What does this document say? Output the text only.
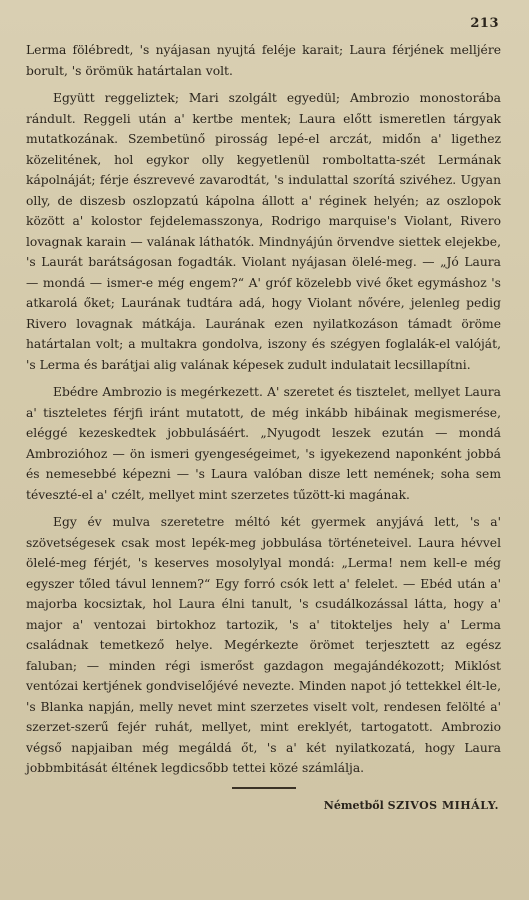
213

Lerma fölébredt, 's nyájasan nyujtá feléje karait; Laura férjének melljére borult, 's örömük határtalan volt.

Együtt reggeliztek; Mari szolgált egyedül; Ambrozio monostorába rándult. Reggeli után a' kertbe mentek; Laura előtt ismeretlen tárgyak mutatkozának. Szembetünő pirosság lepé-el arczát, midőn a' ligethez közelitének, hol egykor olly kegyetlenül romboltatta-szét Lermának kápolnáját; férje észrevevé zavarodtát, 's indulattal szorítá szivéhez. Ugyan olly, de diszesb oszlopzatú kápolna állott a' réginek helyén; az oszlopok között a' kolostor fejdelemasszonya, Rodrigo marquise's Violant, Rivero lovagnak karain — valának láthatók. Mindnyájún örvendve siettek elejekbe, 's Laurát barátságosan fogadták. Violant nyájasan ölelé-meg. — „Jó Laura — mondá — ismer-e még engem?“ A' gróf közelebb vivé őket egymáshoz 's atkarolá őket; Laurának tudtára adá, hogy Violant nővére, jelenleg pedig Rivero lovagnak mátkája. Laurának ezen nyilatkozáson támadt öröme határtalan volt; a multakra gondolva, iszony és szégyen foglalák-el valóját, 's Lerma és barátjai alig valának képesek zudult indulatait lecsillapítni.

Ebédre Ambrozio is megérkezett. A' szeretet és tisztelet, mellyet Laura a' tiszteletes férjfi iránt mutatott, de még inkább hibáinak megismerése, eléggé kezeskedtek jobbulásáért. „Nyugodt leszek ezután — mondá Ambrozióhoz — ön ismeri gyengeségeimet, 's igyekezend naponként jobbá és nemesebbé képezni — 's Laura valóban disze lett nemének; soha sem téveszté-el a' czélt, mellyet mint szerzetes tűzött-ki magának.

Egy év mulva szeretetre méltó két gyermek anyjává lett, 's a' szövetségesek csak most lepék-meg jobbulása történeteivel. Laura hévvel ölelé-meg férjét, 's keserves mosolylyal mondá: „Lerma! nem kell-e még egyszer tőled távul lennem?“ Egy forró csók lett a' felelet. — Ebéd után a' majorba kocsiztak, hol Laura élni tanult, 's csudálkozással látta, hogy a' major a' ventozai birtokhoz tartozik, 's a' titokteljes hely a' Lerma családnak temetkező helye. Megérkezte örömet terjesztett az egész faluban; — minden régi ismerőst gazdagon megajándékozott; Miklóst ventózai kertjének gondviselőjévé nevezte. Minden napot jó tettekkel élt-le, 's Blanka napján, melly nevet mint szerzetes viselt volt, rendesen felölté a' szerzet-szerű fejér ruhát, mellyet, mint ereklyét, tartogatott. Ambrozio végső napjaiban még megáldá őt, 's a' két nyilatkozatá, hogy Laura jobbmbitását éltének legdicsőbb tettei közé számlálja.

Németből SZIVOS MIHÁLY.
